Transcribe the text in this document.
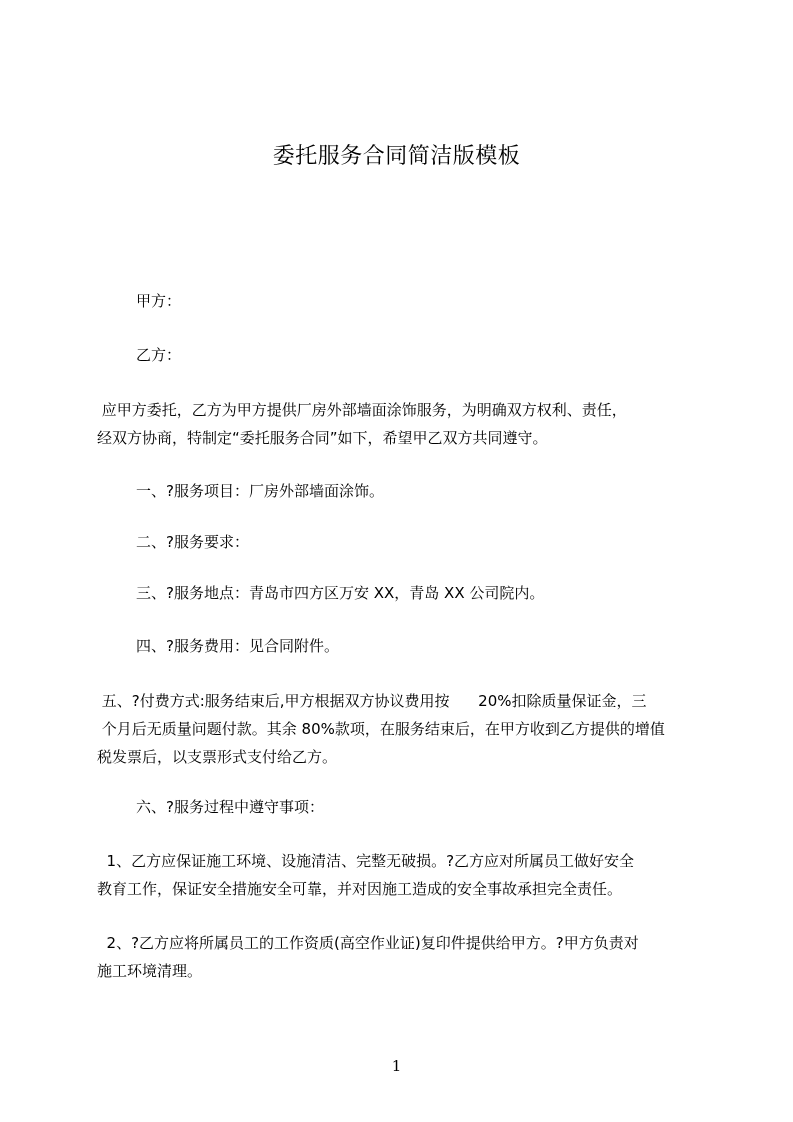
委托服务合同简洁版模板
甲方：
乙方：
应甲方委托，乙方为甲方提供厂房外部墙面涂饰服务，为明确双方权利、责任，
经双方协商，特制定“委托服务合同”如下，希望甲乙双方共同遵守。
一、?服务项目：厂房外部墙面涂饰。
二、?服务要求：
三、?服务地点：青岛市四方区万安 XX，青岛 XX 公司院内。
四、?服务费用：见合同附件。
五、?付费方式:服务结束后,甲方根据双方协议费用按      20%扣除质量保证金，三
个月后无质量问题付款。其余 80%款项，在服务结束后，在甲方收到乙方提供的增值
税发票后，以支票形式支付给乙方。
六、?服务过程中遵守事项：
1、乙方应保证施工环境、设施清洁、完整无破损。?乙方应对所属员工做好安全
教育工作，保证安全措施安全可靠，并对因施工造成的安全事故承担完全责任。
2、?乙方应将所属员工的工作资质(高空作业证)复印件提供给甲方。?甲方负责对
施工环境清理。
1
